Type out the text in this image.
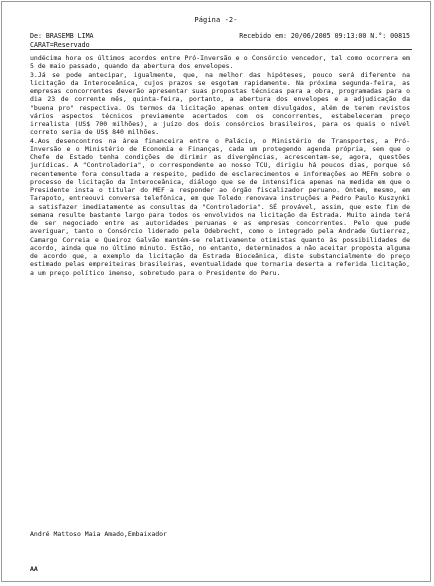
Página -2-
De: BRASEMB LIMA	Recebido em: 20/06/2005 09:13:00 N.°: 00815
CARAT=Reservado

undécima hora os últimos acordos entre Pró-Inversão e o Consórcio vencedor, tal como ocorrera em 5 de maio passado, quando da abertura dos envelopes.

3.Já se pode antecipar, igualmente, que, na melhor das hipóteses, pouco será diferente na licitação da Interoceânica, cujos prazos se esgotam rapidamente. Na próxima segunda-feira, as empresas concorrentes deverão apresentar suas propostas técnicas para a obra, programadas para o dia 23 de corrente mês, quinta-feira, portanto, a abertura dos envelopes e a adjudicação da "buena pro" respectiva. Os termos da licitação apenas ontem divulgados, além de terem revistos vários aspectos técnicos previamente acertados com os concorrentes, estabeleceram preço irrealista (US$ 700 milhões), a juízo dos dois consórcios brasileiros, para os quais o nível correto seria de US$ 840 milhões.

4.Aos desencontros na área financeira entre o Palácio, o Ministério de Transportes, a Pró-Inversão e o Ministério de Economia e Finanças, cada um protegendo agenda própria, sem que o Chefe de Estado tenha condições de dirimir as divergências, acrescentam-se, agora, questões jurídicas. A "Controladoria", o correspondente ao nosso TCU, dirigiu há poucos dias, porque só recentemente fora consultada a respeito, pedido de esclarecimentos e informações ao MEFm sobre o processo de licitação da Interoceânica, diálogo que se de intensifica apenas na medida em que o Presidente insta o titular do MEF a responder ao órgão fiscalizador peruano. Ontem, mesmo, em Tarapoto, entreouvi conversa telefônica, em que Toledo renovava instruções a Pedro Paulo Kuszynki a satisfazer imediatamente as consultas da "Controladoria". SÉ provável, assim, que este fim de semana resulte bastante largo para todos os envolvidos na licitação da Estrada. Muito ainda terá de ser negociado entre as autoridades peruanas e as empresas concorrentes. Pelo que pude averiguar, tanto o Consórcio liderado pela Odebrecht, como o integrado pela Andrade Gutierrez, Camargo Correia e Queiroz Galvão mantém-se relativamente otimistas quanto às possibilidades de acordo, ainda que no último minuto. Estão, no entanto, determinados a não aceitar proposta alguma de acordo que, a exemplo da licitação da Estrada Bioceânica, diste substancialmente do preço estimado pelas empreiteiras brasileiras, eventualidade que tornaria deserta a referida licitação, a um preço político imenso, sobretudo para o Presidente do Peru.

André Mattoso Maia Amado,Embaixador
AA
